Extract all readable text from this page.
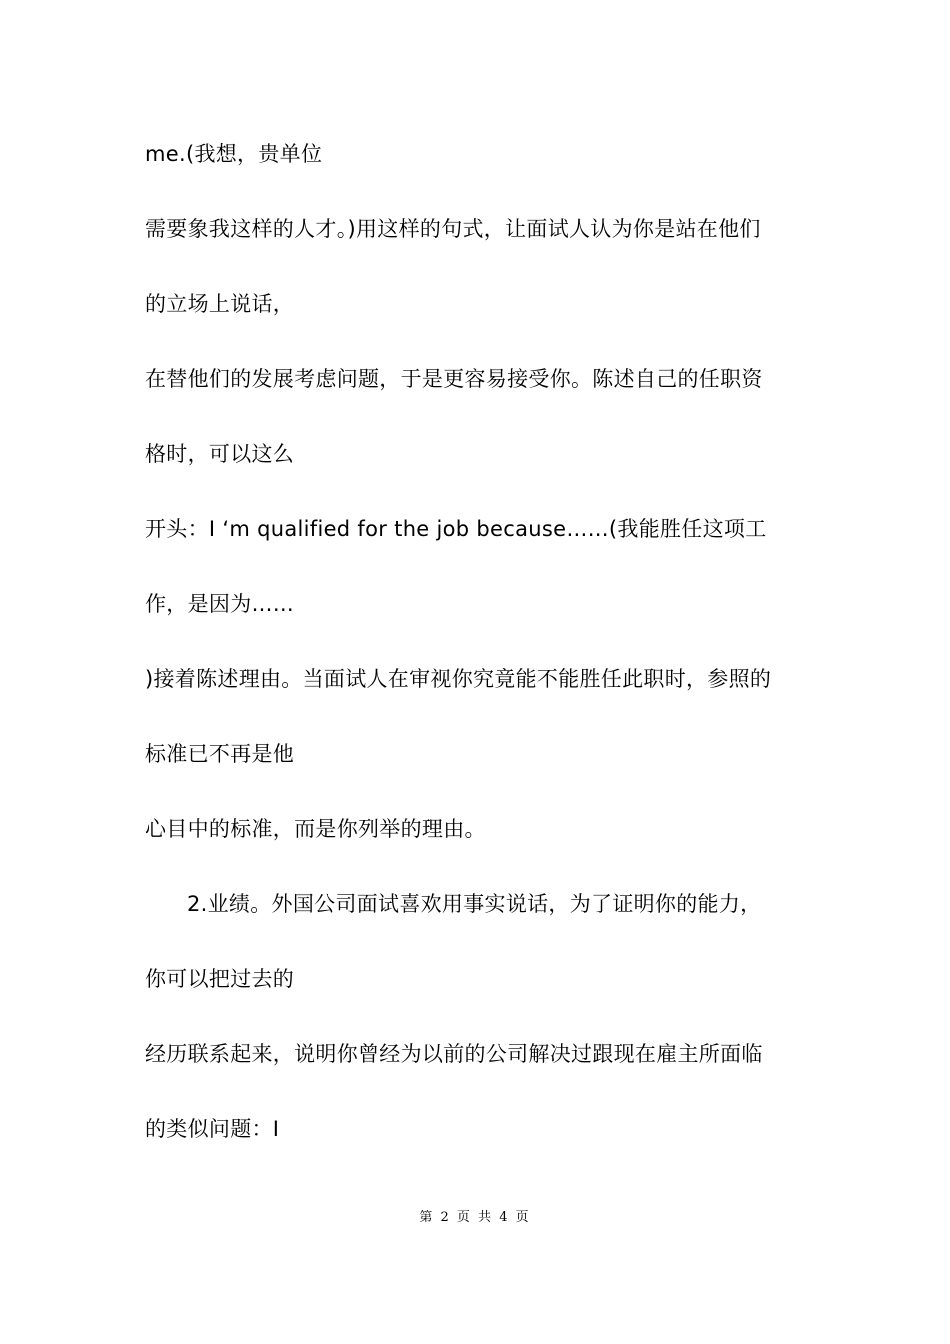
me.(我想，贵单位
需要象我这样的人才。)用这样的句式，让面试人认为你是站在他们
的立场上说话，
在替他们的发展考虑问题，于是更容易接受你。陈述自己的任职资
格时，可以这么
开头：I ‘m qualified for the job because……(我能胜任这项工
作，是因为……
)接着陈述理由。当面试人在审视你究竟能不能胜任此职时，参照的
标准已不再是他
心目中的标准，而是你列举的理由。
2.业绩。外国公司面试喜欢用事实说话，为了证明你的能力，
你可以把过去的
经历联系起来，说明你曾经为以前的公司解决过跟现在雇主所面临
的类似问题：I
第 2 页 共 4 页
